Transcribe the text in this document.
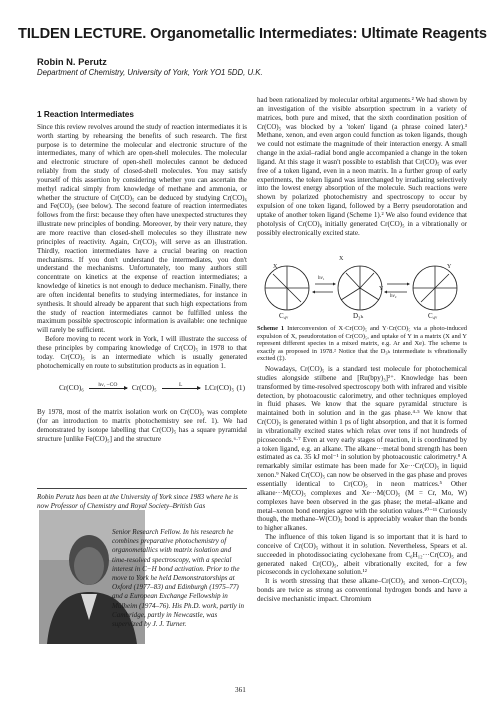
TILDEN LECTURE. Organometallic Intermediates: Ultimate Reagents
Robin N. Perutz
Department of Chemistry, University of York, York YO1 5DD, U.K.
1 Reaction Intermediates

Since this review revolves around the study of reaction intermediates it is worth starting by rehearsing the benefits of such research. The first purpose is to determine the molecular and electronic structure of the intermediates, many of which are open-shell molecules. The molecular and electronic structure of open-shell molecules cannot be deduced reliably from the study of closed-shell molecules. You may satisfy yourself of this assertion by considering whether you can ascertain the methyl radical simply from knowledge of methane and ammonia, or whether the structure of Cr(CO)₅ can be deduced by studying Cr(CO)₆ and Fe(CO)₅ (see below). The second feature of reaction intermediates follows from the first: because they often have unexpected structures they illustrate new principles of bonding. Moreover, by their very nature, they are more reactive than closed-shell molecules so they illustrate new principles of reactivity. Again, Cr(CO)₅ will serve as an illustration. Thirdly, reaction intermediates have a crucial bearing on reaction mechanisms. If you don't understand the intermediates, you don't understand the mechanisms. Unfortunately, too many authors still concentrate on kinetics at the expense of reaction intermediates; a knowledge of kinetics is not enough to deduce mechanism. Finally, there are often incidental benefits to studying intermediates, for instance in synthesis. It should already be apparent that such high expectations from the study of reaction intermediates cannot be fulfilled unless the maximum possible spectroscopic information is available: one technique will rarely be sufficient.

Before moving to recent work in York, I will illustrate the success of these principles by comparing knowledge of Cr(CO)₅ in 1978 to that today. Cr(CO)₅ is an intermediate which is usually generated photochemically en route to substitution products as in equation 1.

Cr(CO)₆	hν, −CO
Cr(CO)₅	L
	LCr(CO)₅ (1)

By 1978, most of the matrix isolation work on Cr(CO)₅ was complete (for an introduction to matrix photochemistry see ref. 1). We had demonstrated by isotope labelling that Cr(CO)₅ has a square pyramidal structure [unlike Fe(CO)₅] and the structure

Robin Perutz has been at the University of York since 1983 where he is now Professor of Chemistry and Royal Society–British Gas

Senior Research Fellow. In his research he combines preparative photochemistry of organometallics with matrix isolation and time-resolved spectroscopy, with a special interest in C−H bond activation. Prior to the move to York he held Demonstratorships at Oxford (1977–83) and Edinburgh (1975–77) and a European Exchange Fellowship in Mülheim (1974–76). His Ph.D. work, partly in Cambridge, partly in Newcastle, was supervized by J. J. Turner.

had been rationalized by molecular orbital arguments.² We had shown by an investigation of the visible absorption spectrum in a variety of matrices, both pure and mixed, that the sixth coordination position of Cr(CO)₅ was blocked by a 'token' ligand (a phrase coined later).³ Methane, xenon, and even argon could function as token ligands, though we could not estimate the magnitude of their interaction energy. A small change in the axial–radial bond angle accompanied a change in the token ligand. At this stage it wasn't possible to establish that Cr(CO)₅ was ever free of a token ligand, even in a neon matrix. In a further group of early experiments, the token ligand was interchanged by irradiating selectively into the lowest energy absorption of the molecule. Such reactions were shown by polarized photochemistry and spectroscopy to occur by expulsion of one token ligand, followed by a Berry pseudorotation and uptake of another token ligand (Scheme 1).² We also found evidence that photolysis of Cr(CO)₆ initially generated Cr(CO)₅ in a vibrationally or possibly electronically excited state.

X
X
Y
Y
hν₁
hν₂
C₄ᵥ	D₃ₕ	C₄ᵥ
Scheme 1 Interconversion of X·Cr(CO)₅ and Y·Cr(CO)₅ via a photo-induced expulsion of X, pseudorotation of Cr(CO)₅, and uptake of Y in a matrix (X and Y represent different species in a mixed matrix, e.g. Ar and Xe). The scheme is exactly as proposed in 1978.² Notice that the D₃ₕ intermediate is vibrationally excited (‡).

Nowadays, Cr(CO)₅ is a standard test molecule for photochemical studies alongside stilbene and [Ru(bpy)₃]²⁺. Knowledge has been transformed by time-resolved spectroscopy both with infrared and visible detection, by photoacoustic calorimetry, and other techniques employed in fluid phases. We know that the square pyramidal structure is maintained both in solution and in the gas phase.⁴·⁵ We know that Cr(CO)₅ is generated within 1 ps of light absorption, and that it is formed in vibrationally excited states which relax over tens if not hundreds of picoseconds.⁶·⁷ Even at very early stages of reaction, it is coordinated by a token ligand, e.g. an alkane. The alkane···metal bond strength has been estimated as ca. 35 kJ mol⁻¹ in solution by photoacoustic calorimetry.⁸ A remarkably similar estimate has been made for Xe···Cr(CO)₅ in liquid xenon.⁹ Naked Cr(CO)₅ can now be observed in the gas phase and proves essentially identical to Cr(CO)₅ in neon matrices.⁵ Other alkane···M(CO)₅ complexes and Xe···M(CO)₅ (M = Cr, Mo, W) complexes have been observed in the gas phase; the metal–alkane and metal–xenon bond energies agree with the solution values.¹⁰⁻¹¹ Curiously though, the methane–W(CO)₅ bond is appreciably weaker than the bonds to higher alkanes.

The influence of this token ligand is so important that it is hard to conceive of Cr(CO)₅ without it in solution. Nevertheless, Spears et al. succeeded in photodissociating cyclohexane from C₆H₁₂···Cr(CO)₅ and generated naked Cr(CO)₅, albeit vibrationally excited, for a few picoseconds in cyclohexane solution.¹²

It is worth stressing that these alkane–Cr(CO)₅ and xenon–Cr(CO)₅ bonds are twice as strong as conventional hydrogen bonds and have a decisive mechanistic impact. Chromium

361
